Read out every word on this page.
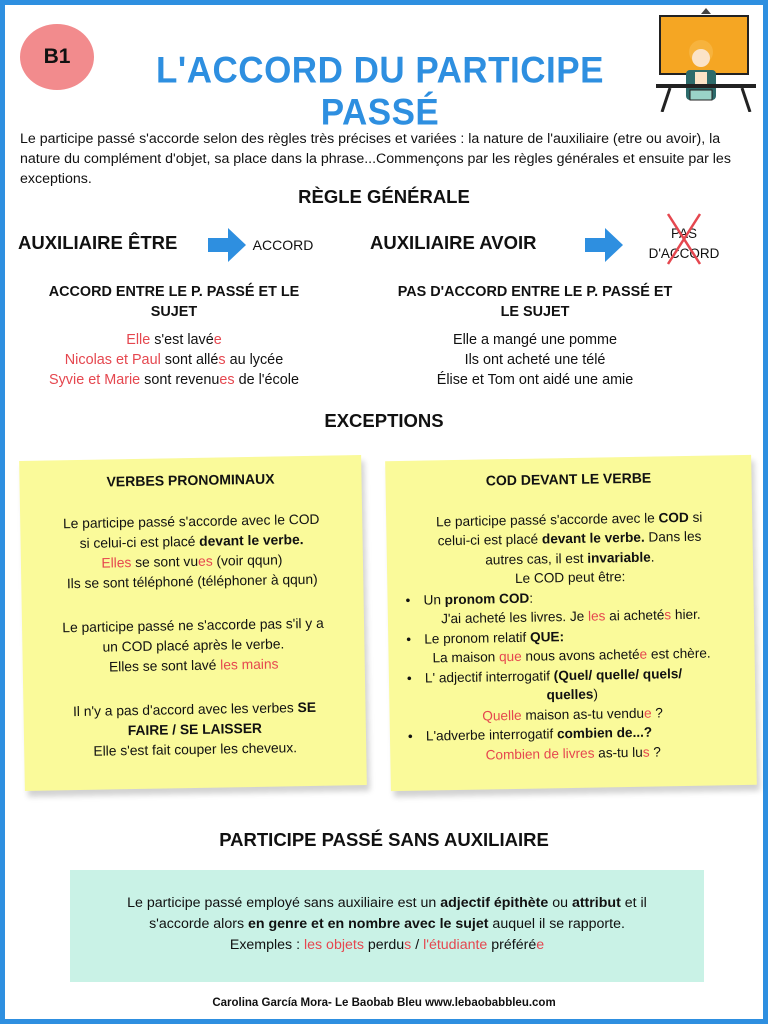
B1	L'ACCORD DU PARTICIPE PASSÉ
Le participe passé s'accorde selon des règles très précises et variées : la nature de l'auxiliaire (etre ou avoir), la nature du complément d'objet, sa place dans la phrase...Commençons par les règles générales et ensuite par les exceptions.
RÈGLE GÉNÉRALE
AUXILIAIRE ÊTRE	ACCORD	AUXILIAIRE AVOIR	PAS
D'ACCORD
ACCORD ENTRE LE P. PASSÉ ET LE
SUJET
PAS D'ACCORD ENTRE LE P. PASSÉ ET
LE SUJET
Elle s'est lavée
Nicolas et Paul sont allés au lycée
Syvie et Marie sont revenues de l'école
Elle a mangé une pomme
Ils ont acheté une télé
Élise et Tom ont aidé une amie
EXCEPTIONS
VERBES PRONOMINAUX
Le participe passé s'accorde avec le COD
si celui-ci est placé devant le verbe.
Elles se sont vues (voir qqun)
Ils se sont téléphoné (téléphoner à qqun)
Le participe passé ne s'accorde pas s'il y a
un COD placé après le verbe.
Elles se sont lavé les mains
Il n'y a pas d'accord avec les verbes SE
FAIRE / SE LAISSER
Elle s'est fait couper les cheveux.
COD DEVANT LE VERBE
Le participe passé s'accorde avec le COD si
celui-ci est placé devant le verbe. Dans les
autres cas, il est invariable.
Le COD peut être:
• Un pronom COD:
J'ai acheté les livres. Je les ai achetés hier.
• Le pronom relatif QUE:
La maison que nous avons achetée est chère.
• L' adjectif interrogatif (Quel/ quelle/ quels/
quelles)
Quelle maison as-tu vendue ?
• L'adverbe interrogatif combien de...?
Combien de livres as-tu lus ?
PARTICIPE PASSÉ SANS AUXILIAIRE
Le participe passé employé sans auxiliaire est un adjectif épithète ou attribut et il
s'accorde alors en genre et en nombre avec le sujet auquel il se rapporte.
Exemples : les objets perdus / l'étudiante préférée
Carolina García Mora- Le Baobab Bleu www.lebaobabbleu.com
